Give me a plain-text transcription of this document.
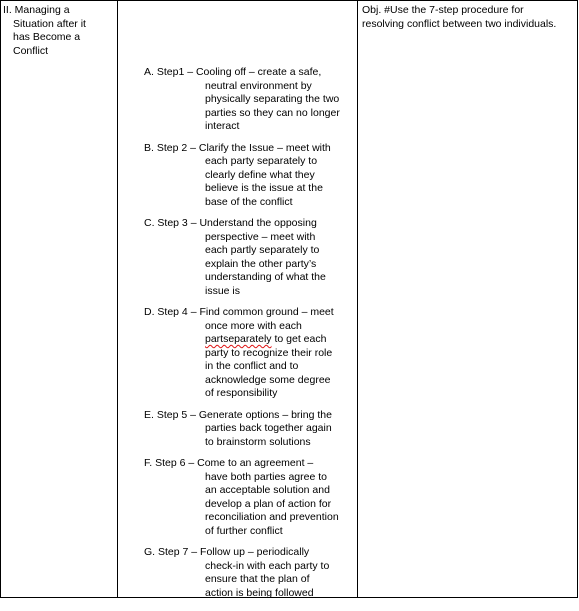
II. Managing a
Situation after it
has Become a
Conflict
Obj. #Use the 7-step procedure for
resolving conflict between two individuals.
A. Step1 – Cooling off – create a safe,
neutral environment by
physically separating the two
parties so they can no longer
interact
B. Step 2 – Clarify the Issue – meet with
each party separately to
clearly define what they
believe is the issue at the
base of the conflict
C. Step 3 – Understand the opposing
perspective – meet with
each partly separately to
explain the other party’s
understanding of what the
issue is
D. Step 4 – Find common ground – meet
once more with each
partseparately to get each
party to recognize their role
in the conflict and to
acknowledge some degree
of responsibility
E. Step 5 – Generate options – bring the
parties back together again
to brainstorm solutions
F. Step 6 – Come to an agreement –
have both parties agree to
an acceptable solution and
develop a plan of action for
reconciliation and prevention
of further conflict
G. Step 7 – Follow up – periodically
check-in with each party to
ensure that the plan of
action is being followed
